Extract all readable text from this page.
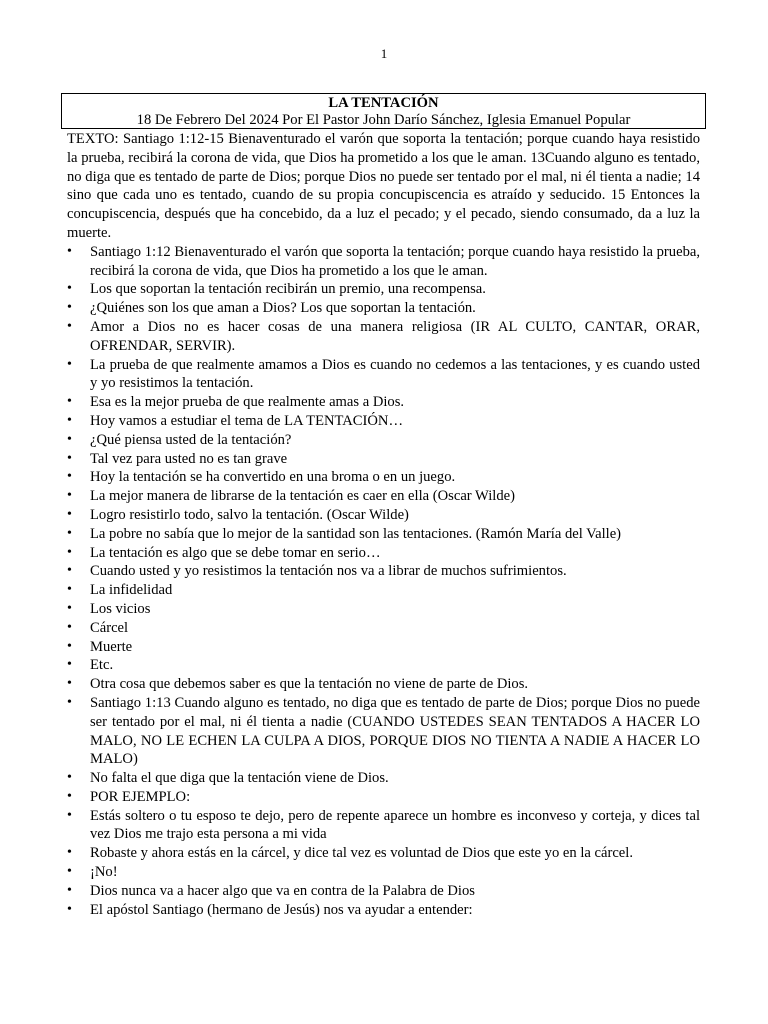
1
LA TENTACIÓN
18 De Febrero Del 2024 Por El Pastor John Darío Sánchez, Iglesia Emanuel Popular

TEXTO: Santiago 1:12-15 Bienaventurado el varón que soporta la tentación; porque cuando haya resistido la prueba, recibirá la corona de vida, que Dios ha prometido a los que le aman. 13Cuando alguno es tentado, no diga que es tentado de parte de Dios; porque Dios no puede ser tentado por el mal, ni él tienta a nadie; 14 sino que cada uno es tentado, cuando de su propia concupiscencia es atraído y seducido. 15 Entonces la concupiscencia, después que ha concebido, da a luz el pecado; y el pecado, siendo consumado, da a luz la muerte.

• Santiago 1:12 Bienaventurado el varón que soporta la tentación; porque cuando haya resistido la prueba, recibirá la corona de vida, que Dios ha prometido a los que le aman.
• Los que soportan la tentación recibirán un premio, una recompensa.
• ¿Quiénes son los que aman a Dios? Los que soportan la tentación.
• Amor a Dios no es hacer cosas de una manera religiosa (IR AL CULTO, CANTAR, ORAR, OFRENDAR, SERVIR).
• La prueba de que realmente amamos a Dios es cuando no cedemos a las tentaciones, y es cuando usted y yo resistimos la tentación.
• Esa es la mejor prueba de que realmente amas a Dios.
• Hoy vamos a estudiar el tema de LA TENTACIÓN…
• ¿Qué piensa usted de la tentación?
• Tal vez para usted no es tan grave
• Hoy la tentación se ha convertido en una broma o en un juego.
• La mejor manera de librarse de la tentación es caer en ella (Oscar Wilde)
• Logro resistirlo todo, salvo la tentación. (Oscar Wilde)
• La pobre no sabía que lo mejor de la santidad son las tentaciones. (Ramón María del Valle)
• La tentación es algo que se debe tomar en serio…
• Cuando usted y yo resistimos la tentación nos va a librar de muchos sufrimientos.
• La infidelidad
• Los vicios
• Cárcel
• Muerte
• Etc.
• Otra cosa que debemos saber es que la tentación no viene de parte de Dios.
• Santiago 1:13 Cuando alguno es tentado, no diga que es tentado de parte de Dios; porque Dios no puede ser tentado por el mal, ni él tienta a nadie (CUANDO USTEDES SEAN TENTADOS A HACER LO MALO, NO LE ECHEN LA CULPA A DIOS, PORQUE DIOS NO TIENTA A NADIE A HACER LO MALO)
• No falta el que diga que la tentación viene de Dios.
• POR EJEMPLO:
• Estás soltero o tu esposo te dejo, pero de repente aparece un hombre es inconveso y corteja, y dices tal vez Dios me trajo esta persona a mi vida
• Robaste y ahora estás en la cárcel, y dice tal vez es voluntad de Dios que este yo en la cárcel.
• ¡No!
• Dios nunca va a hacer algo que va en contra de la Palabra de Dios
• El apóstol Santiago (hermano de Jesús) nos va ayudar a entender:
